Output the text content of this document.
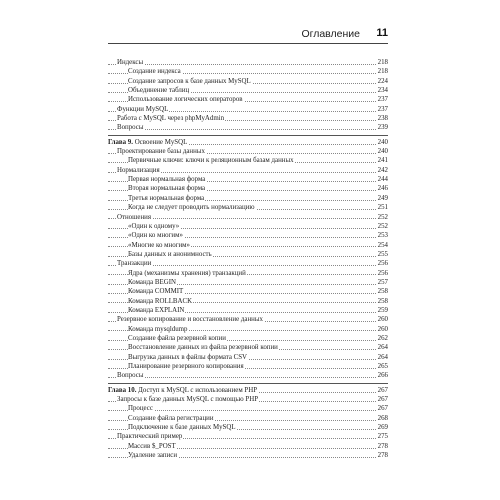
Оглавление 11
Индексы	218
Создание индекса	218
Создание запросов к базе данных MySQL	224
Объединение таблиц	234
Использование логических операторов	237
Функции MySQL	237
Работа с MySQL через phpMyAdmin	238
Вопросы	239
Глава 9. Освоение MySQL	240
Проектирование базы данных	240
Первичные ключи: ключи к реляционным базам данных	241
Нормализация	242
Первая нормальная форма	244
Вторая нормальная форма	246
Третья нормальная форма	249
Когда не следует проводить нормализацию	251
Отношения	252
«Один к одному»	252
«Один ко многим»	253
«Многие ко многим»	254
Базы данных и анонимность	255
Транзакции	256
Ядра (механизмы хранения) транзакций	256
Команда BEGIN	257
Команда COMMIT	258
Команда ROLLBACK	258
Команда EXPLAIN	259
Резервное копирование и восстановление данных	260
Команда mysqldump	260
Создание файла резервной копии	262
Восстановление данных из файла резервной копии	264
Выгрузка данных в файлы формата CSV	264
Планирование резервного копирования	265
Вопросы	266
Глава 10. Доступ к MySQL с использованием PHP	267
Запросы к базе данных MySQL с помощью PHP	267
Процесс	267
Создание файла регистрации	268
Подключение к базе данных MySQL	269
Практический пример	275
Массив $_POST	278
Удаление записи	278
